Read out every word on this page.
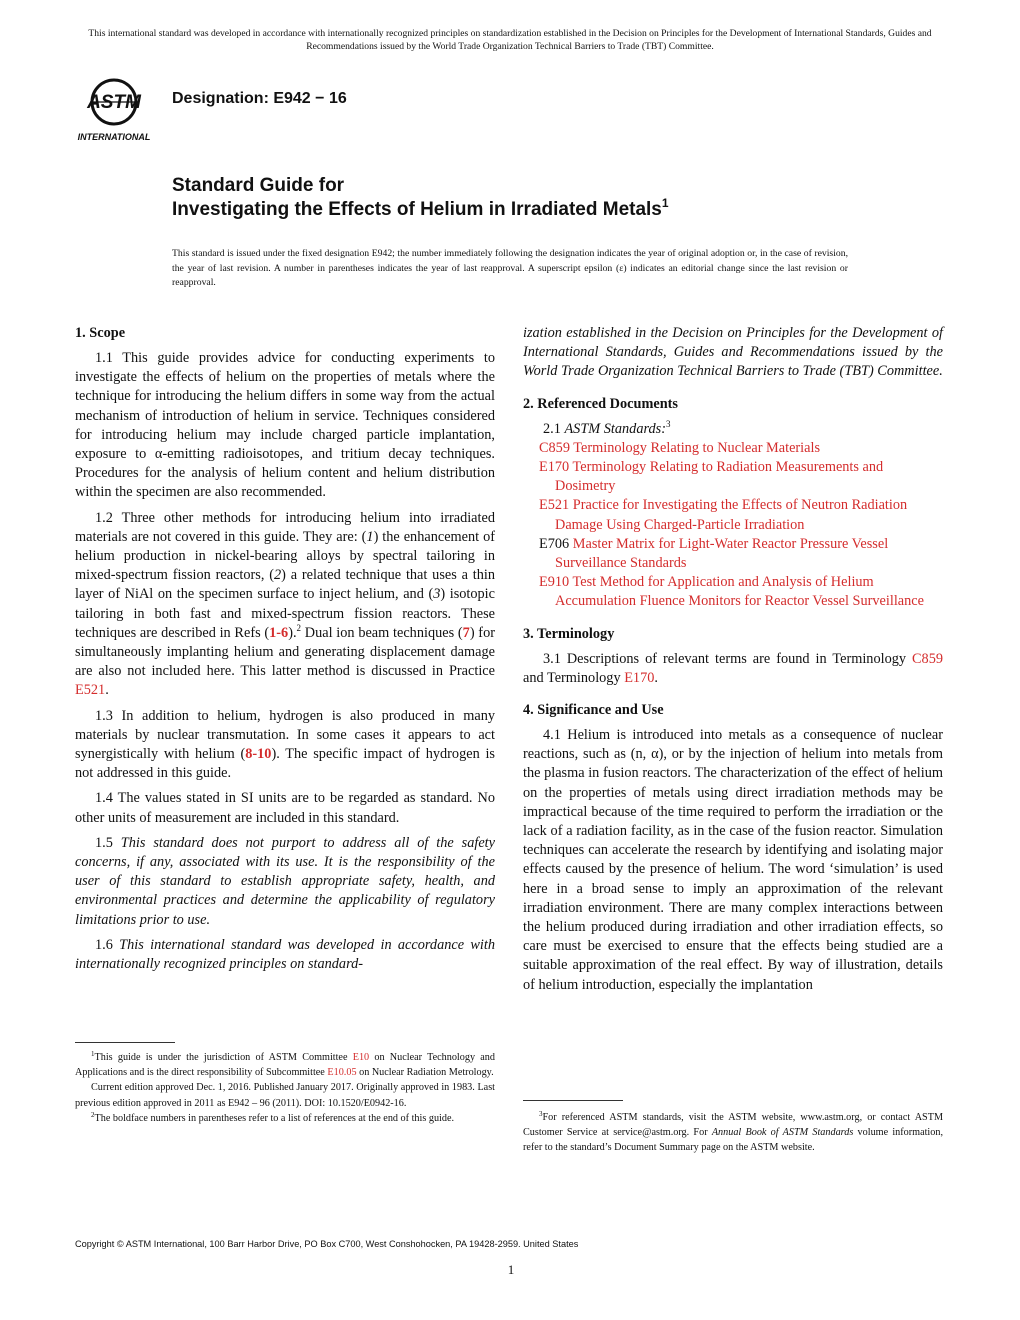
This international standard was developed in accordance with internationally recognized principles on standardization established in the Decision on Principles for the Development of International Standards, Guides and Recommendations issued by the World Trade Organization Technical Barriers to Trade (TBT) Committee.
ASTM
INTERNATIONAL
Designation: E942 − 16
Standard Guide for
Investigating the Effects of Helium in Irradiated Metals$^1$
This standard is issued under the fixed designation E942; the number immediately following the designation indicates the year of original adoption or, in the case of revision, the year of last revision. A number in parentheses indicates the year of last reapproval. A superscript epsilon (ε) indicates an editorial change since the last revision or reapproval.
1. Scope

1.1 This guide provides advice for conducting experiments to investigate the effects of helium on the properties of metals where the technique for introducing the helium differs in some way from the actual mechanism of introduction of helium in service. Techniques considered for introducing helium may include charged particle implantation, exposure to α-emitting radioisotopes, and tritium decay techniques. Procedures for the analysis of helium content and helium distribution within the specimen are also recommended.

1.2 Three other methods for introducing helium into irradiated materials are not covered in this guide. They are: (1) the enhancement of helium production in nickel-bearing alloys by spectral tailoring in mixed-spectrum fission reactors, (2) a related technique that uses a thin layer of NiAl on the specimen surface to inject helium, and (3) isotopic tailoring in both fast and mixed-spectrum fission reactors. These techniques are described in Refs (1-6).$^2$ Dual ion beam techniques (7) for simultaneously implanting helium and generating displacement damage are also not included here. This latter method is discussed in Practice E521.

1.3 In addition to helium, hydrogen is also produced in many materials by nuclear transmutation. In some cases it appears to act synergistically with helium (8-10). The specific impact of hydrogen is not addressed in this guide.

1.4 The values stated in SI units are to be regarded as standard. No other units of measurement are included in this standard.

1.5 This standard does not purport to address all of the safety concerns, if any, associated with its use. It is the responsibility of the user of this standard to establish appropriate safety, health, and environmental practices and determine the applicability of regulatory limitations prior to use.

1.6 This international standard was developed in accordance with internationally recognized principles on standard-

$^1$This guide is under the jurisdiction of ASTM Committee E10 on Nuclear Technology and Applications and is the direct responsibility of Subcommittee E10.05 on Nuclear Radiation Metrology.

Current edition approved Dec. 1, 2016. Published January 2017. Originally approved in 1983. Last previous edition approved in 2011 as E942 – 96 (2011). DOI: 10.1520/E0942-16.

$^2$The boldface numbers in parentheses refer to a list of references at the end of this guide.

ization established in the Decision on Principles for the Development of International Standards, Guides and Recommendations issued by the World Trade Organization Technical Barriers to Trade (TBT) Committee.

2. Referenced Documents

2.1 ASTM Standards:$^3$

C859 Terminology Relating to Nuclear Materials
E170 Terminology Relating to Radiation Measurements and Dosimetry
E521 Practice for Investigating the Effects of Neutron Radiation Damage Using Charged-Particle Irradiation
E706 Master Matrix for Light-Water Reactor Pressure Vessel Surveillance Standards
E910 Test Method for Application and Analysis of Helium Accumulation Fluence Monitors for Reactor Vessel Surveillance
3. Terminology

3.1 Descriptions of relevant terms are found in Terminology C859 and Terminology E170.

4. Significance and Use

4.1 Helium is introduced into metals as a consequence of nuclear reactions, such as (n, α), or by the injection of helium into metals from the plasma in fusion reactors. The characterization of the effect of helium on the properties of metals using direct irradiation methods may be impractical because of the time required to perform the irradiation or the lack of a radiation facility, as in the case of the fusion reactor. Simulation techniques can accelerate the research by identifying and isolating major effects caused by the presence of helium. The word ‘simulation’ is used here in a broad sense to imply an approximation of the relevant irradiation environment. There are many complex interactions between the helium produced during irradiation and other irradiation effects, so care must be exercised to ensure that the effects being studied are a suitable approximation of the real effect. By way of illustration, details of helium introduction, especially the implantation

$^3$For referenced ASTM standards, visit the ASTM website, www.astm.org, or contact ASTM Customer Service at service@astm.org. For Annual Book of ASTM Standards volume information, refer to the standard’s Document Summary page on the ASTM website.

Copyright © ASTM International, 100 Barr Harbor Drive, PO Box C700, West Conshohocken, PA 19428-2959. United States
1
